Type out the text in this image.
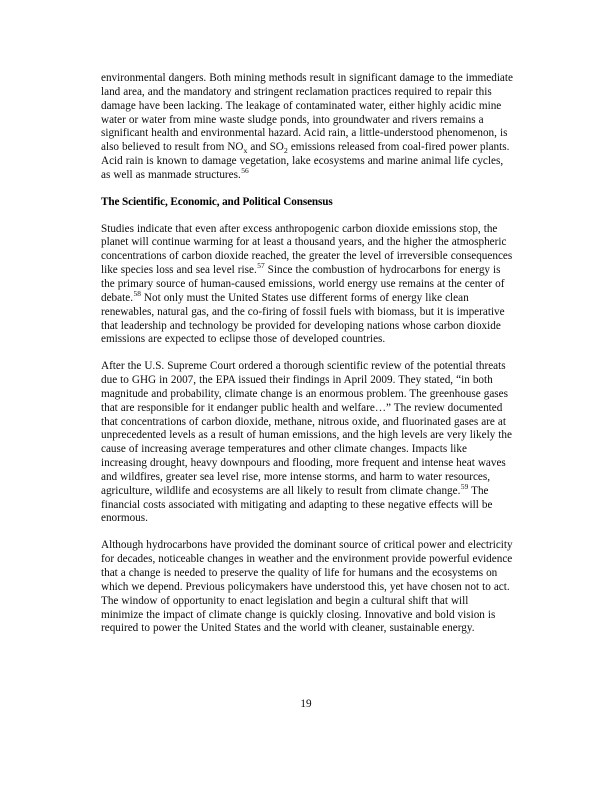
environmental dangers. Both mining methods result in significant damage to the immediate land area, and the mandatory and stringent reclamation practices required to repair this damage have been lacking. The leakage of contaminated water, either highly acidic mine water or water from mine waste sludge ponds, into groundwater and rivers remains a significant health and environmental hazard. Acid rain, a little-understood phenomenon, is also believed to result from $NO_x$ and $SO_2$ emissions released from coal-fired power plants. Acid rain is known to damage vegetation, lake ecosystems and marine animal life cycles, as well as manmade structures.$^{56}$

The Scientific, Economic, and Political Consensus

Studies indicate that even after excess anthropogenic carbon dioxide emissions stop, the planet will continue warming for at least a thousand years, and the higher the atmospheric concentrations of carbon dioxide reached, the greater the level of irreversible consequences like species loss and sea level rise.$^{57}$ Since the combustion of hydrocarbons for energy is the primary source of human-caused emissions, world energy use remains at the center of debate.$^{58}$ Not only must the United States use different forms of energy like clean renewables, natural gas, and the co-firing of fossil fuels with biomass, but it is imperative that leadership and technology be provided for developing nations whose carbon dioxide emissions are expected to eclipse those of developed countries.

After the U.S. Supreme Court ordered a thorough scientific review of the potential threats due to GHG in 2007, the EPA issued their findings in April 2009. They stated, “in both magnitude and probability, climate change is an enormous problem. The greenhouse gases that are responsible for it endanger public health and welfare…” The review documented that concentrations of carbon dioxide, methane, nitrous oxide, and fluorinated gases are at unprecedented levels as a result of human emissions, and the high levels are very likely the cause of increasing average temperatures and other climate changes. Impacts like increasing drought, heavy downpours and flooding, more frequent and intense heat waves and wildfires, greater sea level rise, more intense storms, and harm to water resources, agriculture, wildlife and ecosystems are all likely to result from climate change.$^{59}$ The financial costs associated with mitigating and adapting to these negative effects will be enormous.

Although hydrocarbons have provided the dominant source of critical power and electricity for decades, noticeable changes in weather and the environment provide powerful evidence that a change is needed to preserve the quality of life for humans and the ecosystems on which we depend. Previous policymakers have understood this, yet have chosen not to act. The window of opportunity to enact legislation and begin a cultural shift that will minimize the impact of climate change is quickly closing. Innovative and bold vision is required to power the United States and the world with cleaner, sustainable energy.

19
